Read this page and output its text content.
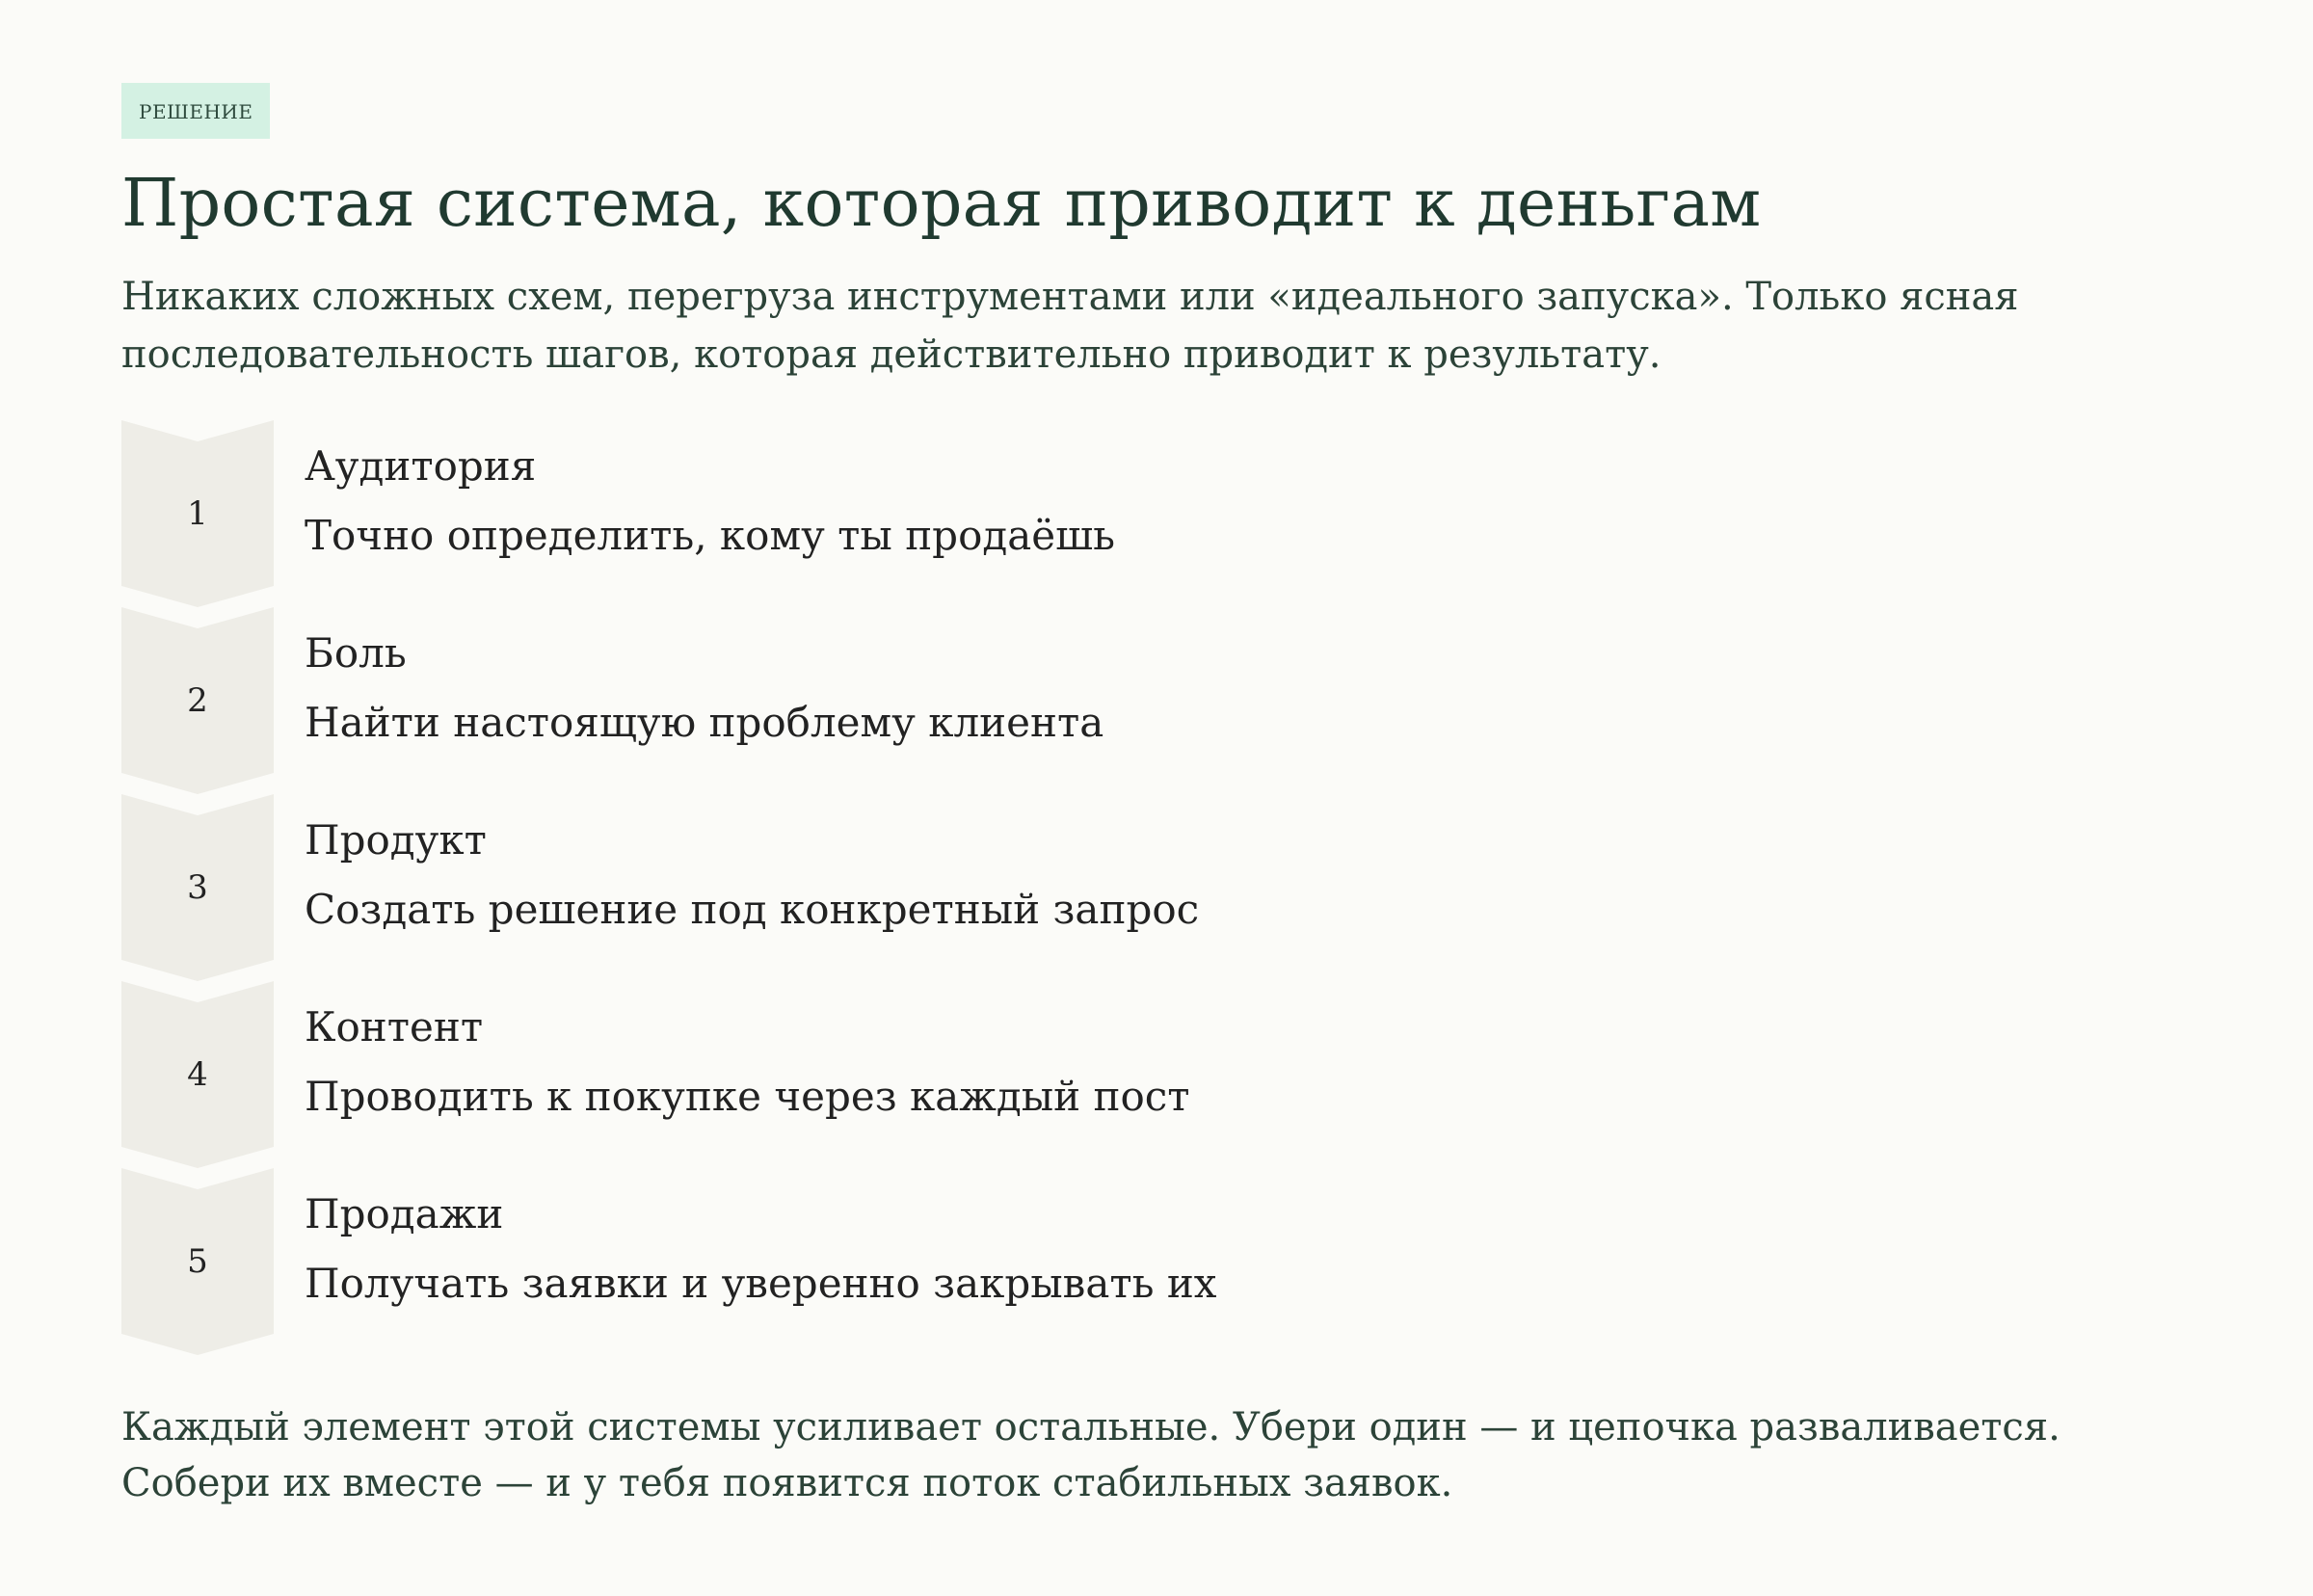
РЕШЕНИЕ
Простая система, которая приводит к деньгам
Никаких сложных схем, перегруза инструментами или «идеального запуска». Только ясная
последовательность шагов, которая действительно приводит к результату.
1
Аудитория
Точно определить, кому ты продаёшь
2
Боль
Найти настоящую проблему клиента
3
Продукт
Создать решение под конкретный запрос
4
Контент
Проводить к покупке через каждый пост
5
Продажи
Получать заявки и уверенно закрывать их

Каждый элемент этой системы усиливает остальные. Убери один — и цепочка разваливается.

Собери их вместе — и у тебя появится поток стабильных заявок.
